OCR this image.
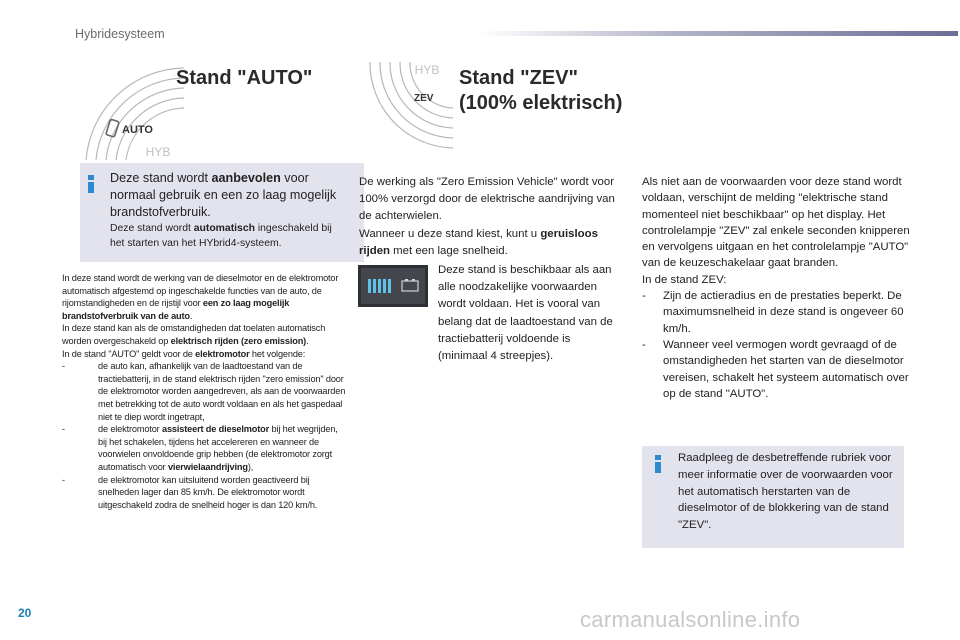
Hybridesysteem
HYB
AUTO
Stand "AUTO"	HYB
ZEV
Stand "ZEV"
(100% elektrisch)
Deze stand wordt aanbevolen voor normaal gebruik en een zo laag mogelijk brandstofverbruik.
Deze stand wordt automatisch ingeschakeld bij het starten van het HYbrid4-systeem.

In deze stand wordt de werking van de dieselmotor en de elektromotor automatisch afgestemd op ingeschakelde functies van de auto, de rijomstandigheden en de rijstijl voor een zo laag mogelijk brandstofverbruik van de auto.

In deze stand kan als de omstandigheden dat toelaten automatisch worden overgeschakeld op elektrisch rijden (zero emission).

In de stand "AUTO" geldt voor de elektromotor het volgende:

-	de auto kan, afhankelijk van de laadtoestand van de tractiebatterij, in de stand elektrisch rijden "zero emission" door de elektromotor worden aangedreven, als aan de voorwaarden met betrekking tot de auto wordt voldaan en als het gaspedaal niet te diep wordt ingetrapt,
-	de elektromotor assisteert de dieselmotor bij het wegrijden, bij het schakelen, tijdens het accelereren en wanneer de voorwielen onvoldoende grip hebben (de elektromotor zorgt automatisch voor vierwielaandrijving),
-	de elektromotor kan uitsluitend worden geactiveerd bij snelheden lager dan 85 km/h. De elektromotor wordt uitgeschakeld zodra de snelheid hoger is dan 120 km/h.
De werking als "Zero Emission Vehicle" wordt voor 100% verzorgd door de elektrische aandrijving van de achterwielen.
Wanneer u deze stand kiest, kunt u geruisloos rijden met een lage snelheid.
Deze stand is beschikbaar als aan alle noodzakelijke voorwaarden wordt voldaan. Het is vooral van belang dat de laadtoestand van de tractiebatterij voldoende is (minimaal 4 streepjes).
Als niet aan de voorwaarden voor deze stand wordt voldaan, verschijnt de melding "elektrische stand momenteel niet beschikbaar" op het display. Het controlelampje "ZEV" zal enkele seconden knipperen en vervolgens uitgaan en het controlelampje "AUTO" van de keuzeschakelaar gaat branden.
In de stand ZEV:
- Zijn de actieradius en de prestaties beperkt. De maximumsnelheid in deze stand is ongeveer 60 km/h.
- Wanneer veel vermogen wordt gevraagd of de omstandigheden het starten van de dieselmotor vereisen, schakelt het systeem automatisch over op de stand "AUTO".
Raadpleeg de desbetreffende rubriek voor meer informatie over de voorwaarden voor het automatisch herstarten van de dieselmotor of de blokkering van de stand "ZEV".
20	carmanualsonline.info
